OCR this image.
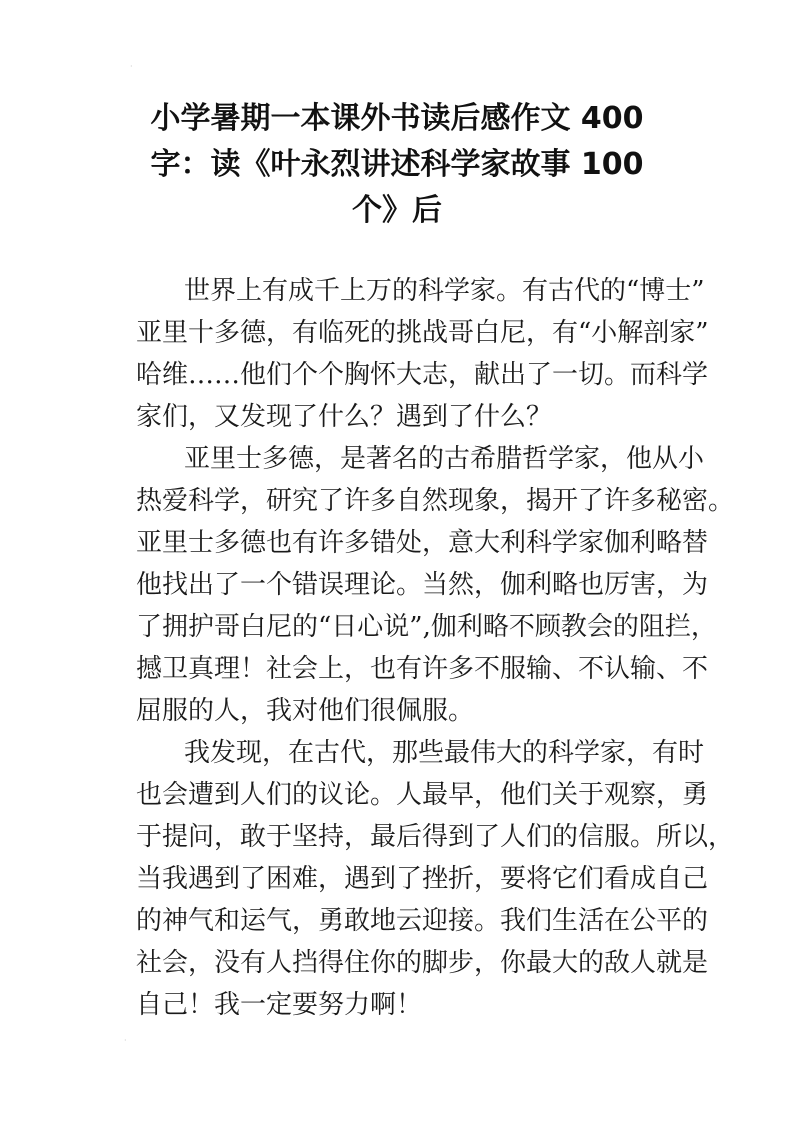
·
小学暑期一本课外书读后感作文 400
字：读《叶永烈讲述科学家故事 100
个》后
世界上有成千上万的科学家。有古代的“博士”
亚里十多德，有临死的挑战哥白尼，有“小解剖家”
哈维……他们个个胸怀大志，献出了一切。而科学
家们，又发现了什么？遇到了什么？
亚里士多德，是著名的古希腊哲学家，他从小
热爱科学，研究了许多自然现象，揭开了许多秘密。
亚里士多德也有许多错处，意大利科学家伽利略替
他找出了一个错误理论。当然，伽利略也厉害，为
了拥护哥白尼的“日心说”,伽利略不顾教会的阻拦，
撼卫真理！社会上，也有许多不服输、不认输、不
屈服的人，我对他们很佩服。
我发现，在古代，那些最伟大的科学家，有时
也会遭到人们的议论。人最早，他们关于观察，勇
于提问，敢于坚持，最后得到了人们的信服。所以，
当我遇到了困难，遇到了挫折，要将它们看成自己
的神气和运气，勇敢地云迎接。我们生活在公平的
社会，没有人挡得住你的脚步，你最大的敌人就是
自己！我一定要努力啊！
·
